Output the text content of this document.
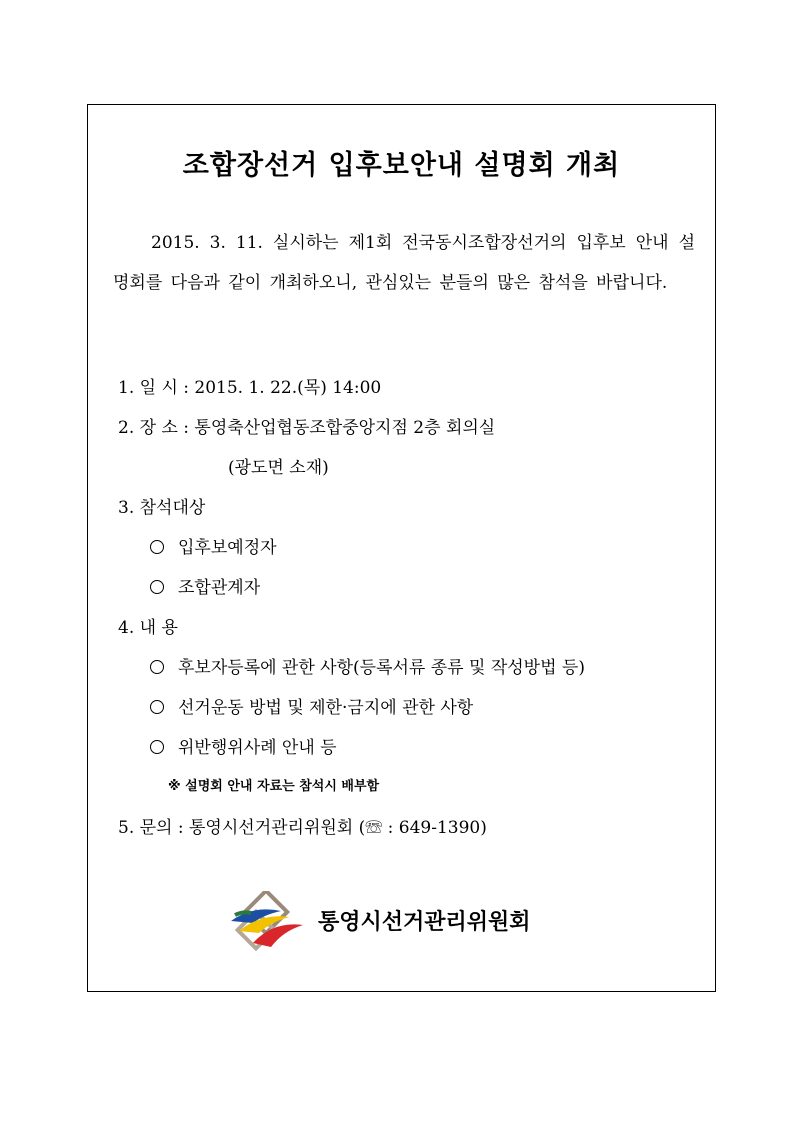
조합장선거 입후보안내 설명회 개최
2015. 3. 11. 실시하는 제1회 전국동시조합장선거의 입후보 안내 설명회를 다음과 같이 개최하오니, 관심있는 분들의 많은 참석을 바랍니다.
1. 일 시 : 2015. 1. 22.(목) 14:00
2. 장 소 : 통영축산업협동조합중앙지점 2층 회의실
(광도면 소재)
3. 참석대상
입후보예정자
조합관계자
4. 내 용
후보자등록에 관한 사항(등록서류 종류 및 작성방법 등)
선거운동 방법 및 제한·금지에 관한 사항
위반행위사례 안내 등
※ 설명회 안내 자료는 참석시 배부함
5. 문의 : 통영시선거관리위원회 (☏ : 649-1390)
통영시선거관리위원회
